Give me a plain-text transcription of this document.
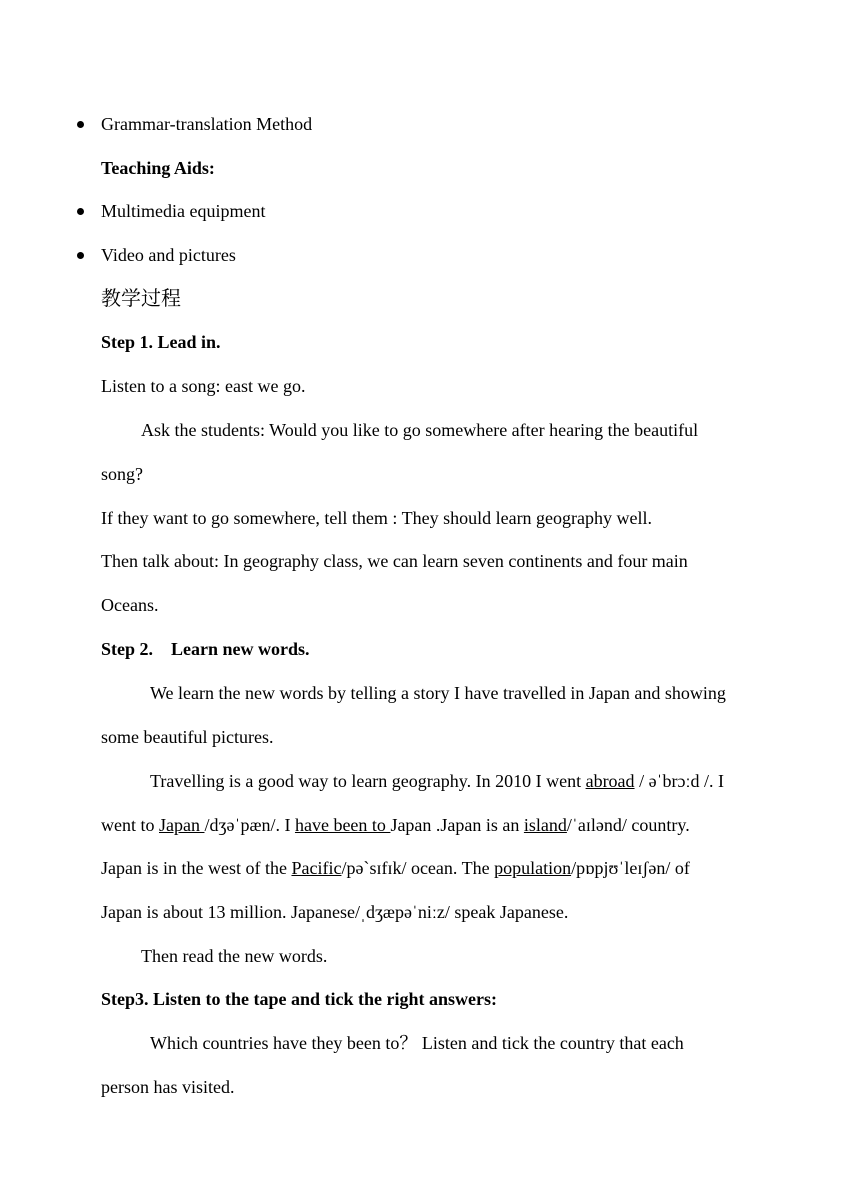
Grammar-translation Method
Teaching Aids:
Multimedia equipment
Video and pictures
教学过程
Step 1. Lead in.
Listen to a song: east we go.
Ask the students: Would you like to go somewhere after hearing the beautiful
song?
If they want to go somewhere, tell them : They should learn geography well.
Then talk about: In geography class, we can learn seven continents and four main
Oceans.
Step 2.    Learn new words.
We learn the new words by telling a story I have travelled in Japan and showing
some beautiful pictures.
Travelling is a good way to learn geography. In 2010 I went abroad / əˈbrɔːd /. I
went to Japan /dʒəˈpæn/. I have been to Japan .Japan is an island/ˈaɪlənd/ country.
Japan is in the west of the Pacific/pə`sɪfɪk/ ocean. The population/pɒpjʊˈleɪʃən/ of
Japan is about 13 million. Japanese/ˌdʒæpəˈniːz/ speak Japanese.
Then read the new words.
Step3. Listen to the tape and tick the right answers:
Which countries have they been to？ Listen and tick the country that each
person has visited.
